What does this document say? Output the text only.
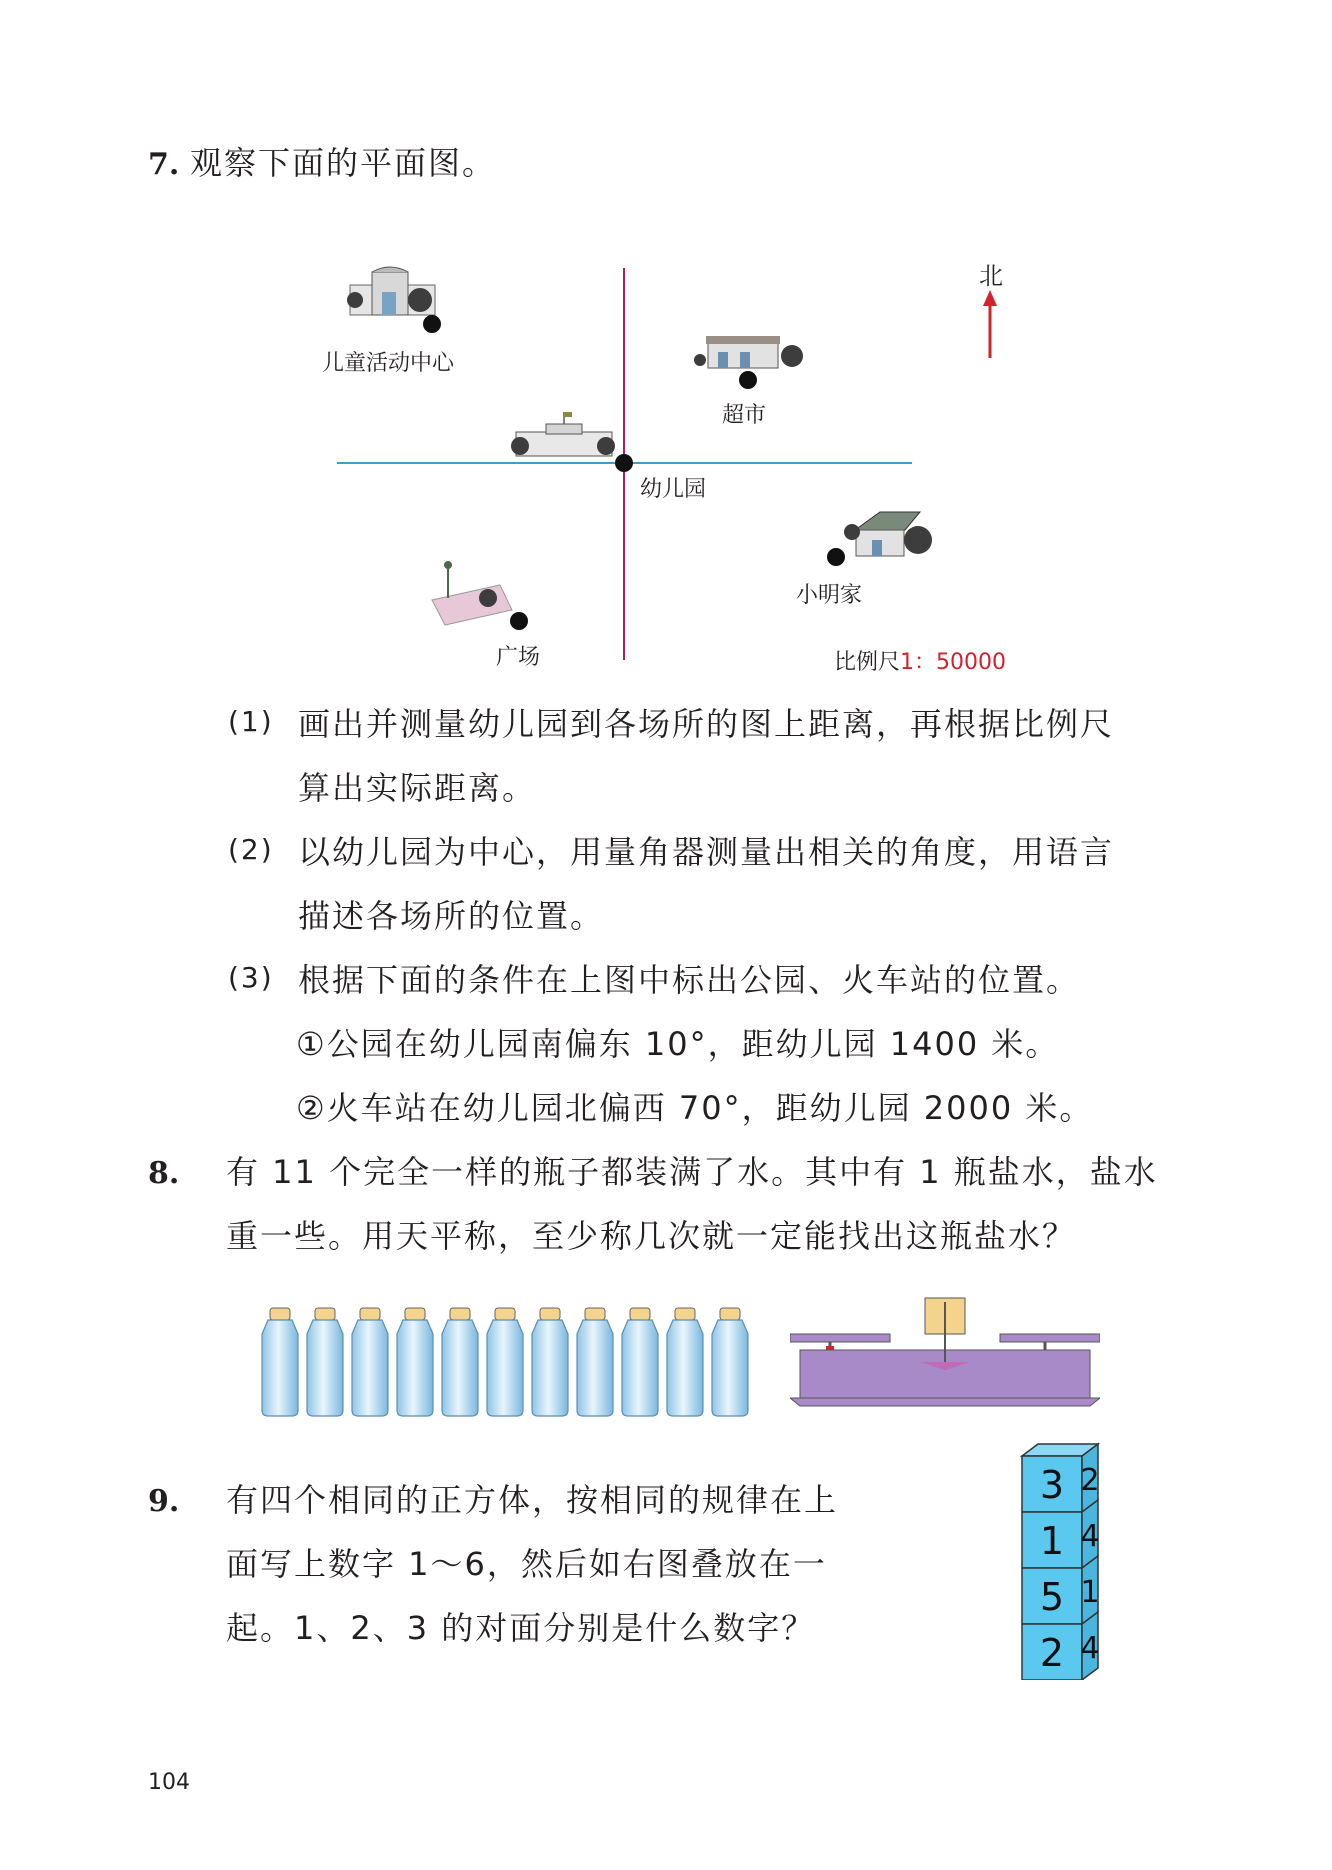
7. 观察下面的平面图。
北
儿童活动中心
超市
幼儿园
小明家
广场	比例尺1：50000
(1) 画出并测量幼儿园到各场所的图上距离，再根据比例尺
算出实际距离。
(2) 以幼儿园为中心，用量角器测量出相关的角度，用语言
描述各场所的位置。
(3) 根据下面的条件在上图中标出公园、火车站的位置。
①公园在幼儿园南偏东 10°，距幼儿园 1400 米。
②火车站在幼儿园北偏西 70°，距幼儿园 2000 米。
8. 有 11 个完全一样的瓶子都装满了水。其中有 1 瓶盐水，盐水
重一些。用天平称，至少称几次就一定能找出这瓶盐水？
9. 有四个相同的正方体，按相同的规律在上
面写上数字 1～6，然后如右图叠放在一
起。1、2、3 的对面分别是什么数字？
3 2
1 4
5 1
2 4
104
